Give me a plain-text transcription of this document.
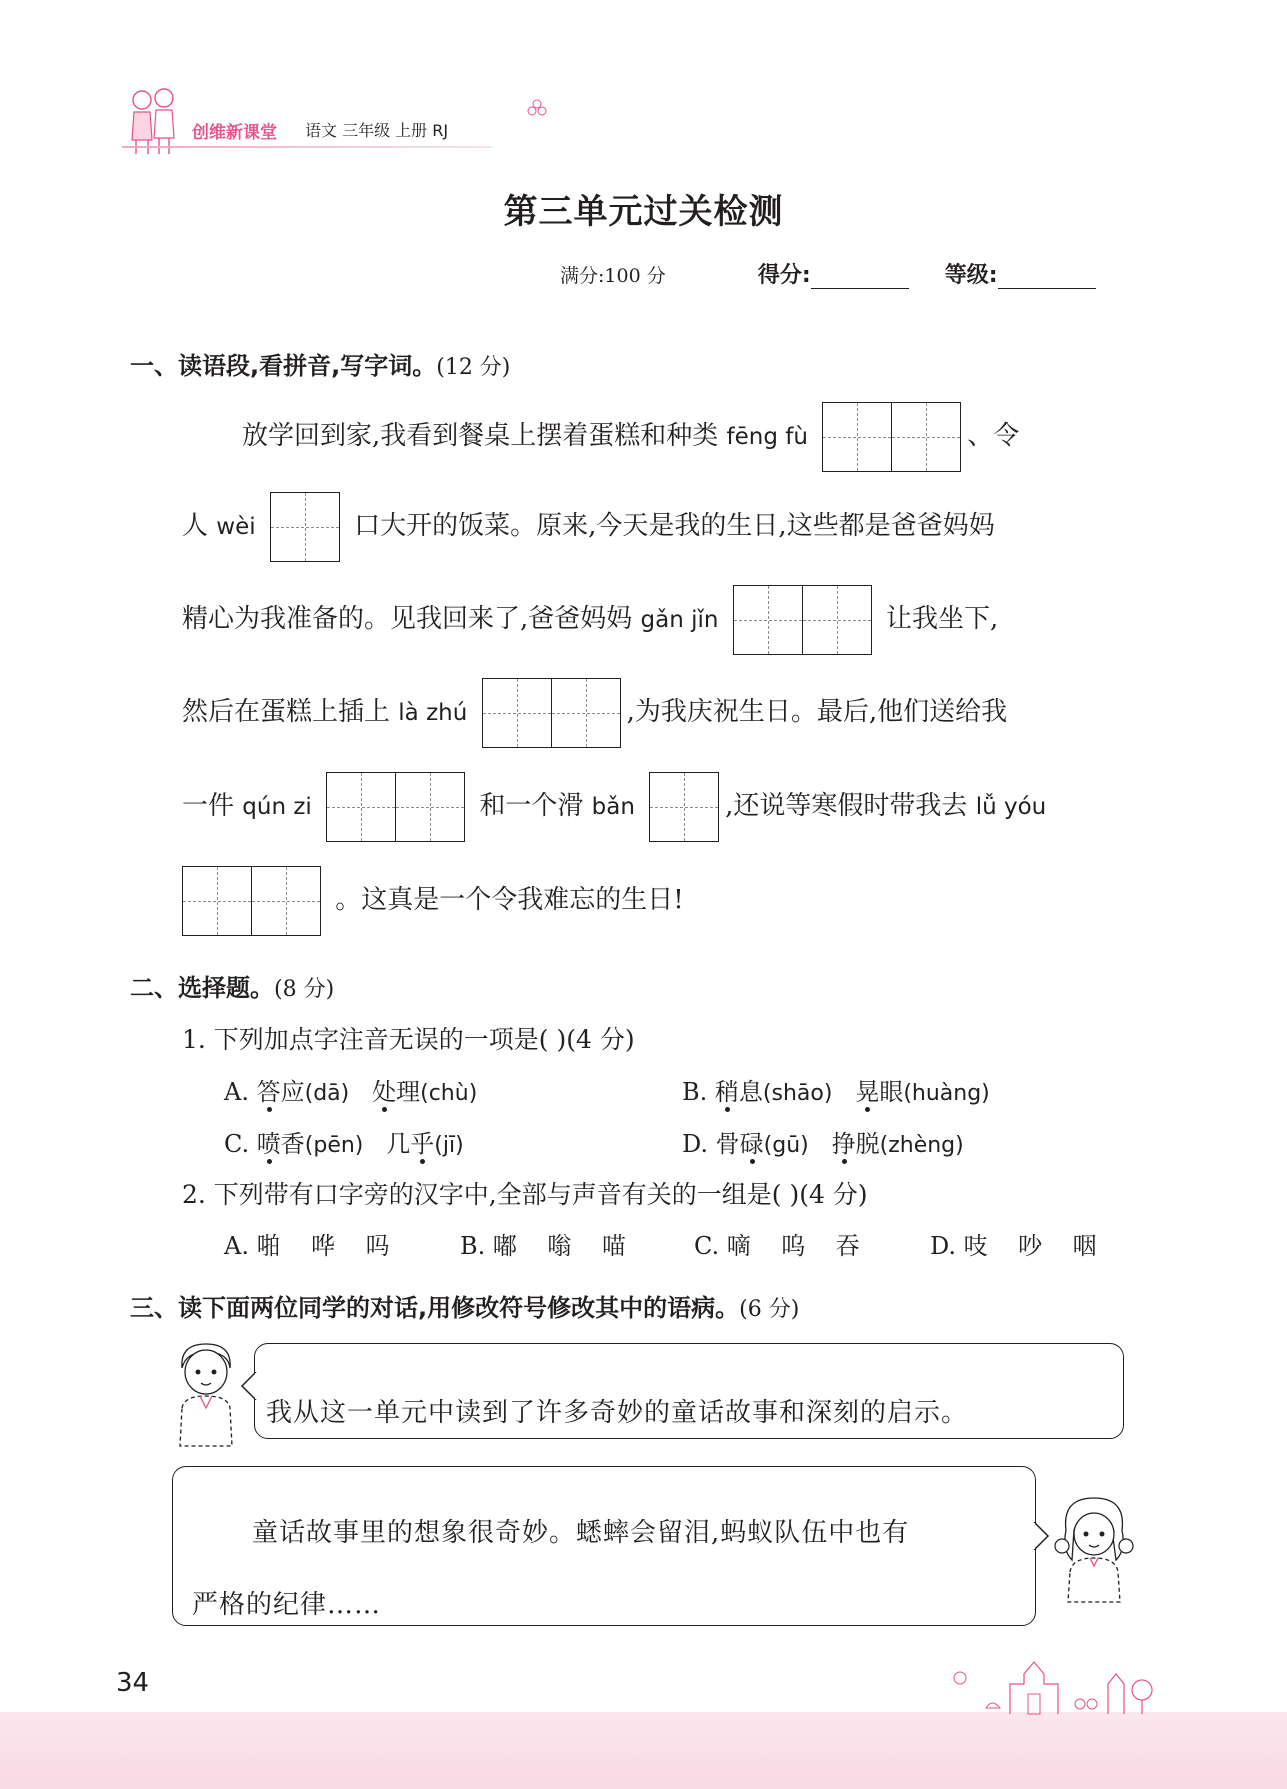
创维新课堂 语文 三年级 上册 RJ
第三单元过关检测
满分:100 分	得分:	等级:
一、读语段,看拼音,写字词。(12 分)
放学回到家,我看到餐桌上摆着蛋糕和种类 fēng fù	、令
人 wèi	口大开的饭菜。原来,今天是我的生日,这些都是爸爸妈妈
精心为我准备的。见我回来了,爸爸妈妈 gǎn jǐn	让我坐下,
然后在蛋糕上插上 là zhú	,为我庆祝生日。最后,他们送给我
一件 qún zi	和一个滑 bǎn	,还说等寒假时带我去 lǚ yóu
。这真是一个令我难忘的生日!
二、选择题。(8 分)
1. 下列加点字注音无误的一项是( )(4 分)
A. 答应(dā) 处理(chù)	B. 稍息(shāo) 晃眼(huàng)
C. 喷香(pēn) 几乎(jī)	D. 骨碌(gū) 挣脱(zhèng)
2. 下列带有口字旁的汉字中,全部与声音有关的一组是( )(4 分)
A. 啪    哗    吗	B. 嘟    嗡    喵	C. 嘀    呜    吞	D. 吱    吵    咽
三、读下面两位同学的对话,用修改符号修改其中的语病。(6 分)
我从这一单元中读到了许多奇妙的童话故事和深刻的启示。
童话故事里的想象很奇妙。蟋蟀会留泪,蚂蚁队伍中也有
严格的纪律……
34
